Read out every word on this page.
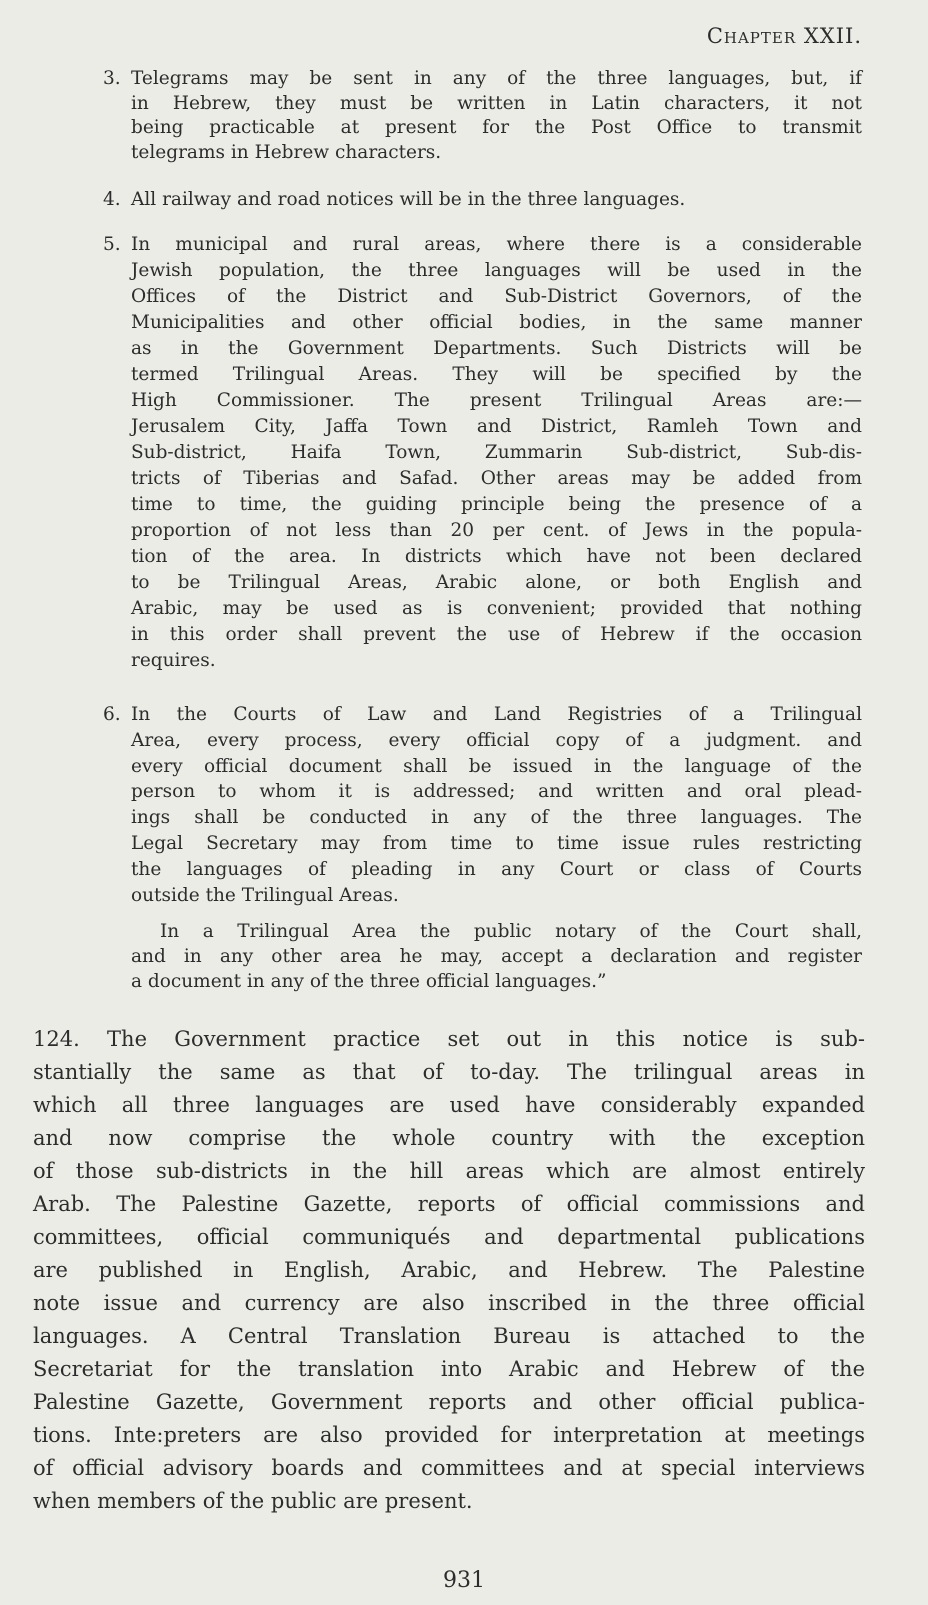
Chapter XXII.
3. Telegrams may be sent in any of the three languages, but, if
in Hebrew, they must be written in Latin characters, it not
being practicable at present for the Post Office to transmit
telegrams in Hebrew characters.
4. All railway and road notices will be in the three languages.
5. In municipal and rural areas, where there is a considerable
Jewish population, the three languages will be used in the
Offices of the District and Sub-District Governors, of the
Municipalities and other official bodies, in the same manner
as in the Government Departments. Such Districts will be
termed Trilingual Areas. They will be specified by the
High Commissioner. The present Trilingual Areas are:—
Jerusalem City, Jaffa Town and District, Ramleh Town and
Sub-district, Haifa Town, Zummarin Sub-district, Sub-dis-
tricts of Tiberias and Safad. Other areas may be added from
time to time, the guiding principle being the presence of a
proportion of not less than 20 per cent. of Jews in the popula-
tion of the area. In districts which have not been declared
to be Trilingual Areas, Arabic alone, or both English and
Arabic, may be used as is convenient; provided that nothing
in this order shall prevent the use of Hebrew if the occasion
requires.
6. In the Courts of Law and Land Registries of a Trilingual
Area, every process, every official copy of a judgment. and
every official document shall be issued in the language of the
person to whom it is addressed; and written and oral plead-
ings shall be conducted in any of the three languages. The
Legal Secretary may from time to time issue rules restricting
the languages of pleading in any Court or class of Courts
outside the Trilingual Areas.
In a Trilingual Area the public notary of the Court shall,
and in any other area he may, accept a declaration and register
a document in any of the three official languages.”
124. The Government practice set out in this notice is sub-
stantially the same as that of to-day. The trilingual areas in
which all three languages are used have considerably expanded
and now comprise the whole country with the exception
of those sub-districts in the hill areas which are almost entirely
Arab. The Palestine Gazette, reports of official commissions and
committees, official communiqués and departmental publications
are published in English, Arabic, and Hebrew. The Palestine
note issue and currency are also inscribed in the three official
languages. A Central Translation Bureau is attached to the
Secretariat for the translation into Arabic and Hebrew of the
Palestine Gazette, Government reports and other official publica-
tions. Inte:preters are also provided for interpretation at meetings
of official advisory boards and committees and at special interviews
when members of the public are present.
931
